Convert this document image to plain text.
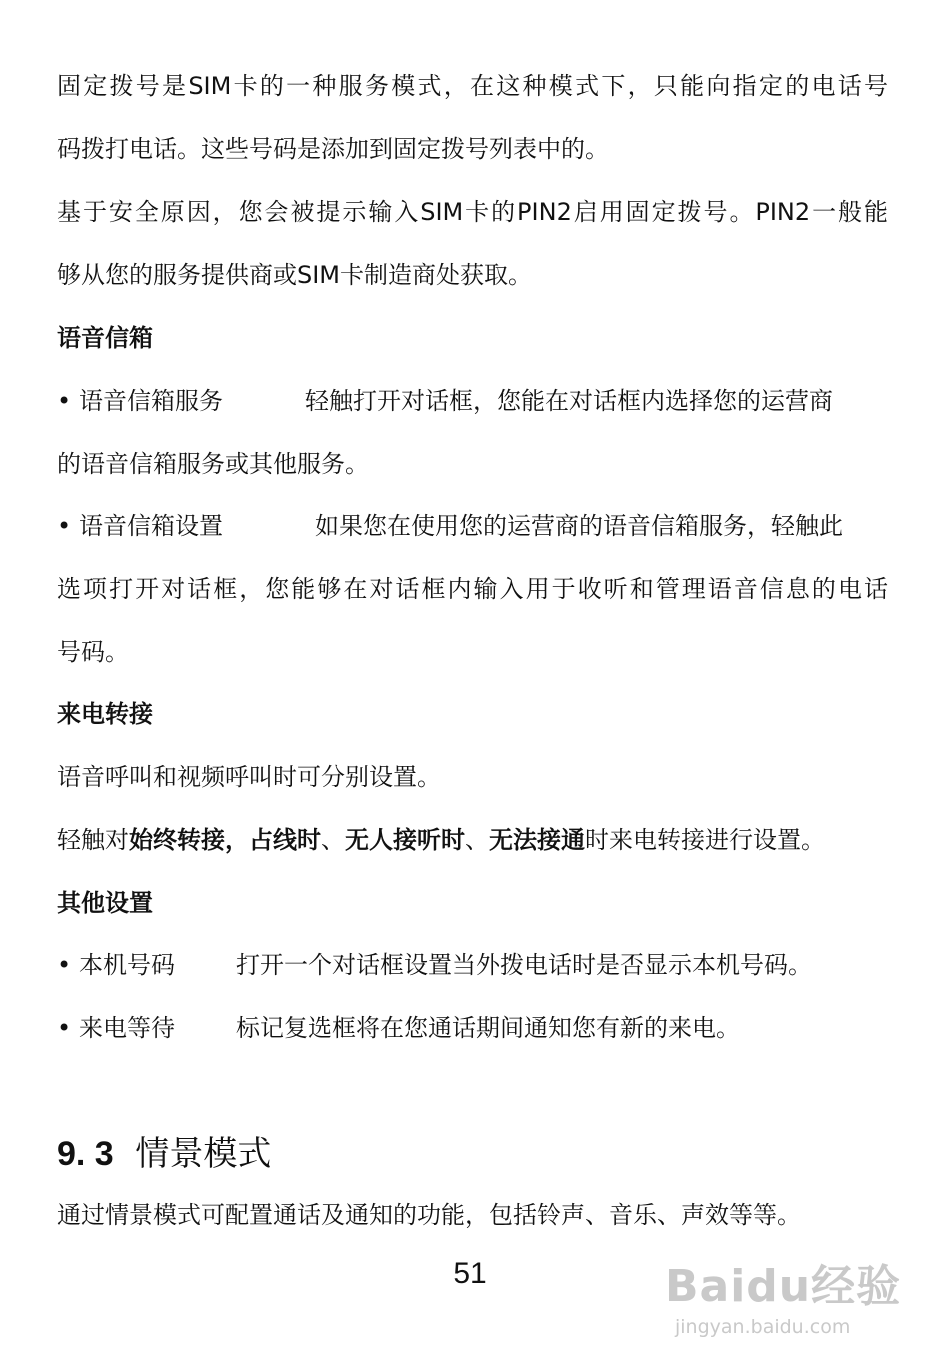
固定拨号是SIM卡的一种服务模式，在这种模式下，只能向指定的电话号
码拨打电话。这些号码是添加到固定拨号列表中的。
基于安全原因，您会被提示输入SIM卡的PIN2启用固定拨号。PIN2一般能
够从您的服务提供商或SIM卡制造商处获取。
语音信箱
• 语音信箱服务	轻触打开对话框，您能在对话框内选择您的运营商
的语音信箱服务或其他服务。
• 语音信箱设置	如果您在使用您的运营商的语音信箱服务，轻触此
选项打开对话框，您能够在对话框内输入用于收听和管理语音信息的电话
号码。
来电转接
语音呼叫和视频呼叫时可分别设置。
轻触对始终转接，占线时、无人接听时、无法接通时来电转接进行设置。
其他设置
• 本机号码	打开一个对话框设置当外拨电话时是否显示本机号码。
• 来电等待	标记复选框将在您通话期间通知您有新的来电。
9. 3 情景模式
通过情景模式可配置通话及通知的功能，包括铃声、音乐、声效等等。
51	Baidu经验
jingyan.baidu.com
